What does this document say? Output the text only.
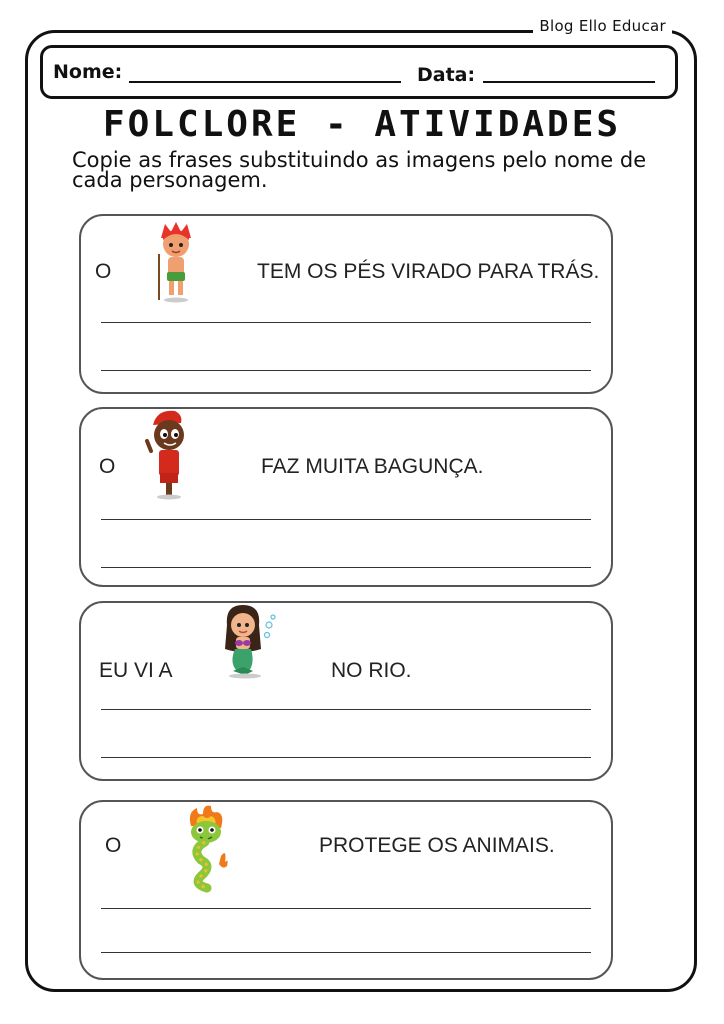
Blog Ello Educar
Nome:	Data:
FOLCLORE - ATIVIDADES
Copie as frases substituindo as imagens pelo nome de cada personagem.
O	TEM OS PÉS VIRADO PARA TRÁS.
O	FAZ MUITA BAGUNÇA.
EU VI A	NO RIO.
O	PROTEGE OS ANIMAIS.
